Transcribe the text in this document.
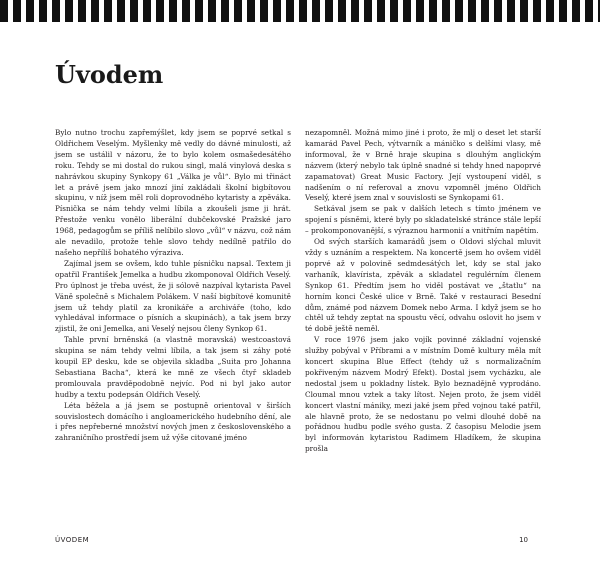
Úvodem

Bylo nutno trochu zapřemýšlet, kdy jsem se poprvé setkal s Oldřichem Veselým. Myšlenky mě vedly do dávné minulosti, až jsem se ustálil v názoru, že to bylo kolem osmašedesátého roku. Tehdy se mi dostal do rukou singl, malá vinylová deska s nahrávkou skupiny Synkopy 61 „Válka je vůl“. Bylo mi třináct let a právě jsem jako mnozí jiní zakládali školní bigbítovou skupinu, v níž jsem měl roli doprovodného kytaristy a zpěváka. Písnička se nám tehdy velmi líbila a zkoušeli jsme ji hrát. Přestože venku vonělo liberální dubčekovské Pražské jaro 1968, pedagogům se příliš nelíbilo slovo „vůl“ v názvu, což nám ale nevadilo, protože tehle slovo tehdy nedílně patřilo do našeho nepříliš bohatého výraziva.

Zajímal jsem se ovšem, kdo tuhle písničku napsal. Textem ji opatřil František Jemelka a hudbu zkomponoval Oldřich Veselý. Pro úplnost je třeba uvést, že ji sólově nazpíval kytarista Pavel Váně společně s Michalem Polákem. V naší bigbítové komunitě jsem už tehdy platil za kronikáře a archiváře (toho, kdo vyhledával informace o písních a skupinách), a tak jsem brzy zjistil, že oni Jemelka, ani Veselý nejsou členy Synkop 61.

Tahle první brněnská (a vlastně moravská) westcoastová skupina se nám tehdy velmi líbila, a tak jsem si záhy poté koupil EP desku, kde se objevila skladba „Suita pro Johanna Sebastiana Bacha“, která ke mně ze všech čtyř skladeb promlouvala pravděpodobně nejvíc. Pod ni byl jako autor hudby a textu podepsán Oldřich Veselý.

Léta běžela a já jsem se postupně orientoval v širších souvislostech domácího i angloamerického hudebního dění, ale i přes nepřeberné množství nových jmen z československého a zahraničního prostředí jsem už výše citované jméno

nezapomněl. Možná mimo jiné i proto, že mlj o deset let starší kamarád Pavel Pech, výtvarník a máničko s delšími vlasy, mě informoval, že v Brně hraje skupina s dlouhým anglickým názvem (který nebylo tak úplně snadné si tehdy hned napoprvé zapamatovat) Great Music Factory. Její vystoupení viděl, s nadšením o ní referoval a znovu vzpomněl jméno Oldřich Veselý, které jsem znal v souvislosti se Synkopami 61.

Setkával jsem se pak v dalších letech s tímto jménem ve spojení s písněmi, které byly po skladatelské stránce stále lepší – prokomponovanější, s výraznou harmonií a vnitřním napětím.

Od svých starších kamarádů jsem o Oldovi slýchal mluvit vždy s uznáním a respektem. Na koncertě jsem ho ovšem viděl poprvé až v polovině sedmdesátých let, kdy se stal jako varhaník, klavírista, zpěvák a skladatel regulérním členem Synkop 61. Předtím jsem ho viděl postávat ve „štatlu“ na horním konci České ulice v Brně. Také v restauraci Besední dům, známé pod názvem Domek nebo Arma. I když jsem se ho chtěl už tehdy zeptat na spoustu věcí, odvahu oslovit ho jsem v té době ještě neměl.

V roce 1976 jsem jako vojík povinné základní vojenské služby pobýval v Příbrami a v místním Domě kultury měla mít koncert skupina Blue Effect (tehdy už s normalizačním pokřiveným názvem Modrý Efekt). Dostal jsem vycházku, ale nedostal jsem u pokladny lístek. Bylo beznadějně vyprodáno. Cloumal mnou vztek a taky lítost. Nejen proto, že jsem viděl koncert vlastní mániky, mezi jaké jsem před vojnou také patřil, ale hlavně proto, že se nedostanu po velmi dlouhé době na pořádnou hudbu podle svého gusta. Z časopisu Melodie jsem byl informován kytaristou Radimem Hladíkem, že skupina prošla

ÚVODEM	10
